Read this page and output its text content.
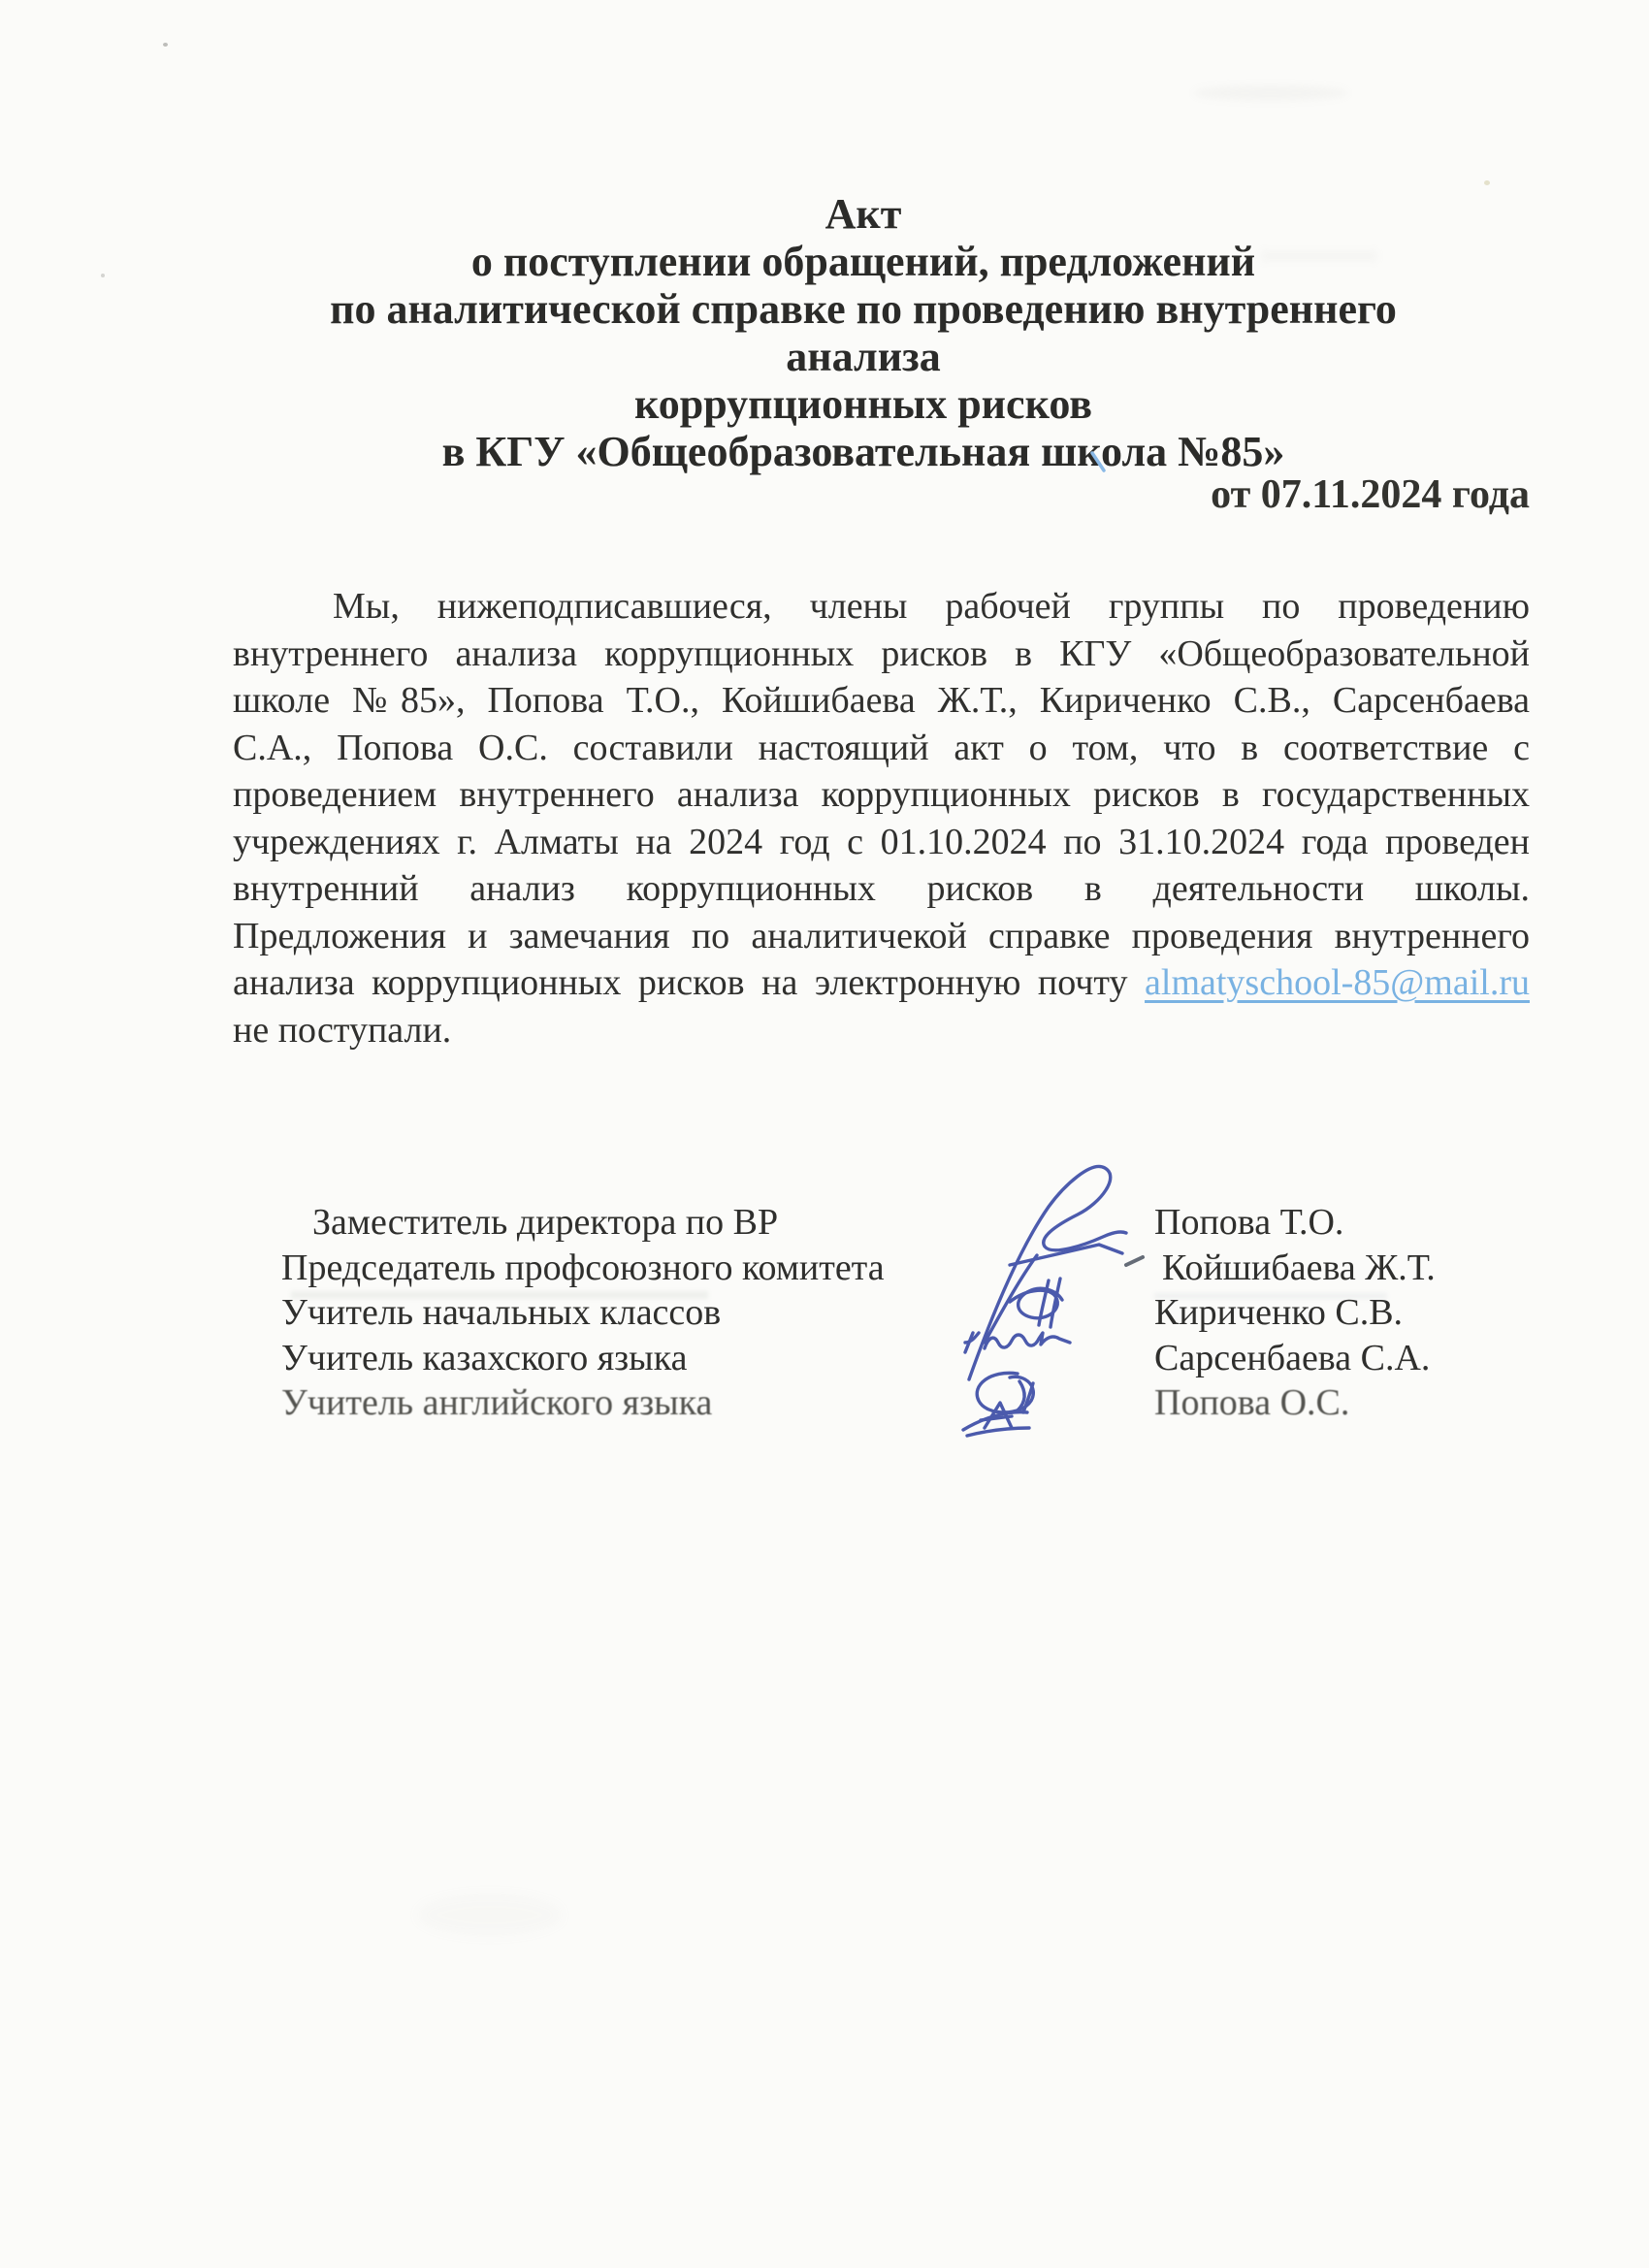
Акт
о поступлении обращений, предложений
по аналитической справке по проведению внутреннего анализа
коррупционных рисков
в КГУ «Общеобразовательная школа №85»
от 07.11.2024 года
Мы, нижеподписавшиеся, члены рабочей группы по проведению
внутреннего анализа коррупционных рисков в КГУ «Общеобразовательной
школе №85», Попова Т.О., Койшибаева Ж.Т., Кириченко С.В., Сарсенбаева
С.А., Попова О.С. составили настоящий акт о том, что в соответствие с
проведением внутреннего анализа коррупционных рисков в государственных
учреждениях г. Алматы на 2024 год с 01.10.2024 по 31.10.2024 года проведен
внутренний анализ коррупционных рисков в деятельности школы.
Предложения и замечания по аналитичекой справке проведения внутреннего
анализа коррупционных рисков на электронную почту almatyschool-85@mail.ru
не поступали.
Заместитель директора по ВР	Попова Т.О.
Председатель профсоюзного комитета	Койшибаева Ж.Т.
Учитель начальных классов	Кириченко С.В.
Учитель казахского языка	Сарсенбаева С.А.
Учитель английского языка	Попова О.С.
